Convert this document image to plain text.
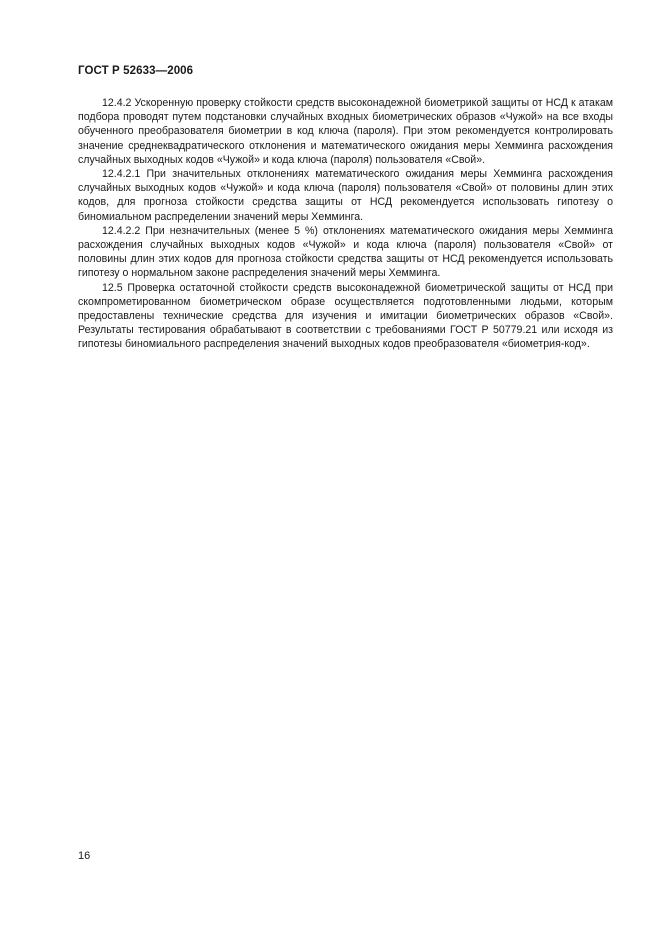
ГОСТ Р 52633—2006

12.4.2 Ускоренную проверку стойкости средств высоконадежной биометрикой защиты от НСД к атакам подбора проводят путем подстановки случайных входных биометрических образов «Чужой» на все входы обученного преобразователя биометрии в код ключа (пароля). При этом рекомендуется контролировать значение среднеквадратического отклонения и математического ожидания меры Хемминга расхождения случайных выходных кодов «Чужой» и кода ключа (пароля) пользователя «Свой».

12.4.2.1 При значительных отклонениях математического ожидания меры Хемминга расхождения случайных выходных кодов «Чужой» и кода ключа (пароля) пользователя «Свой» от половины длин этих кодов, для прогноза стойкости средства защиты от НСД рекомендуется использовать гипотезу о биномиальном распределении значений меры Хемминга.

12.4.2.2 При незначительных (менее 5 %) отклонениях математического ожидания меры Хемминга расхождения случайных выходных кодов «Чужой» и кода ключа (пароля) пользователя «Свой» от половины длин этих кодов для прогноза стойкости средства защиты от НСД рекомендуется использовать гипотезу о нормальном законе распределения значений меры Хемминга.

12.5 Проверка остаточной стойкости средств высоконадежной биометрической защиты от НСД при скомпрометированном биометрическом образе осуществляется подготовленными людьми, которым предоставлены технические средства для изучения и имитации биометрических образов «Свой». Результаты тестирования обрабатывают в соответствии с требованиями ГОСТ Р 50779.21 или исходя из гипотезы биномиального распределения значений выходных кодов преобразователя «биометрия-код».

16
